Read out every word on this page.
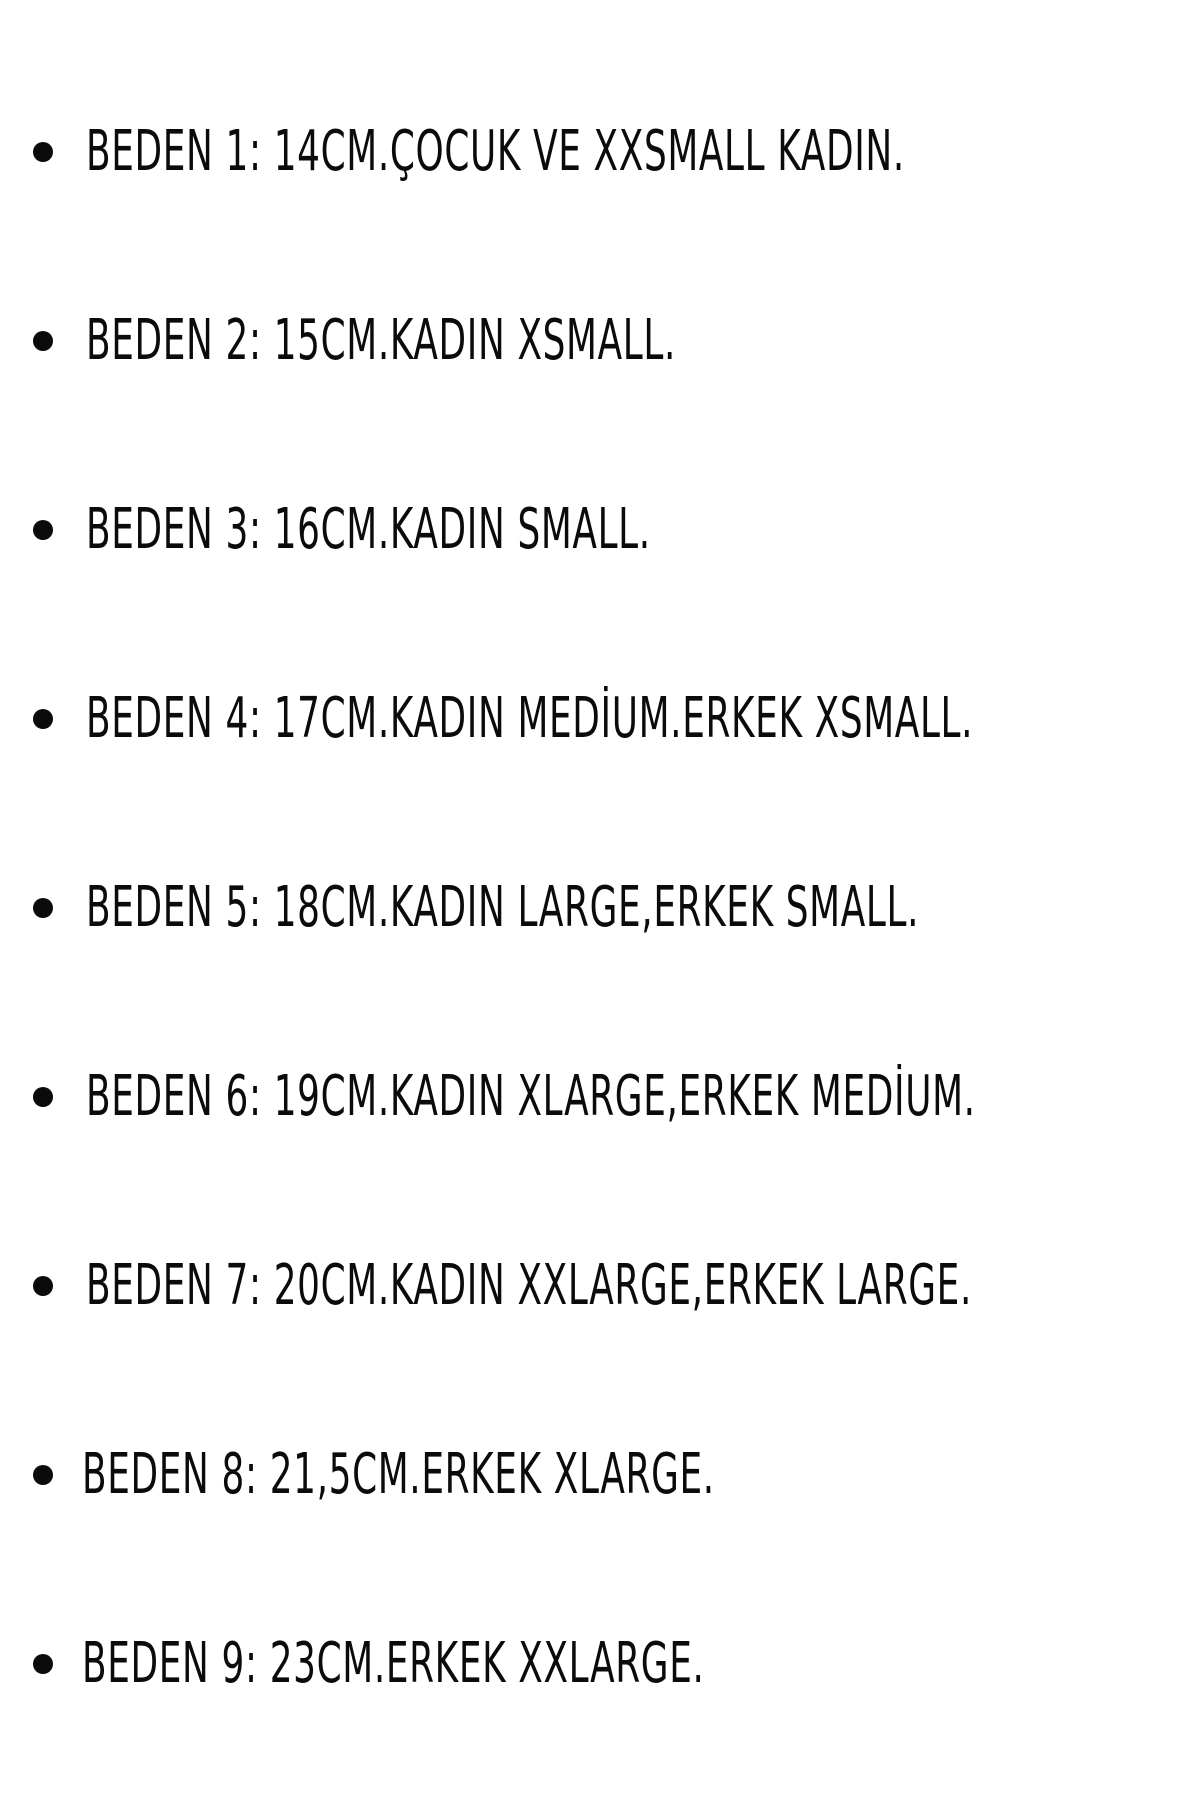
BEDEN 1: 14CM.ÇOCUK VE XXSMALL KADIN.
BEDEN 2: 15CM.KADIN XSMALL.
BEDEN 3: 16CM.KADIN SMALL.
BEDEN 4: 17CM.KADIN MEDİUM.ERKEK XSMALL.
BEDEN 5: 18CM.KADIN LARGE,ERKEK SMALL.
BEDEN 6: 19CM.KADIN XLARGE,ERKEK MEDİUM.
BEDEN 7: 20CM.KADIN XXLARGE,ERKEK LARGE.
BEDEN 8: 21,5CM.ERKEK XLARGE.
BEDEN 9: 23CM.ERKEK XXLARGE.
